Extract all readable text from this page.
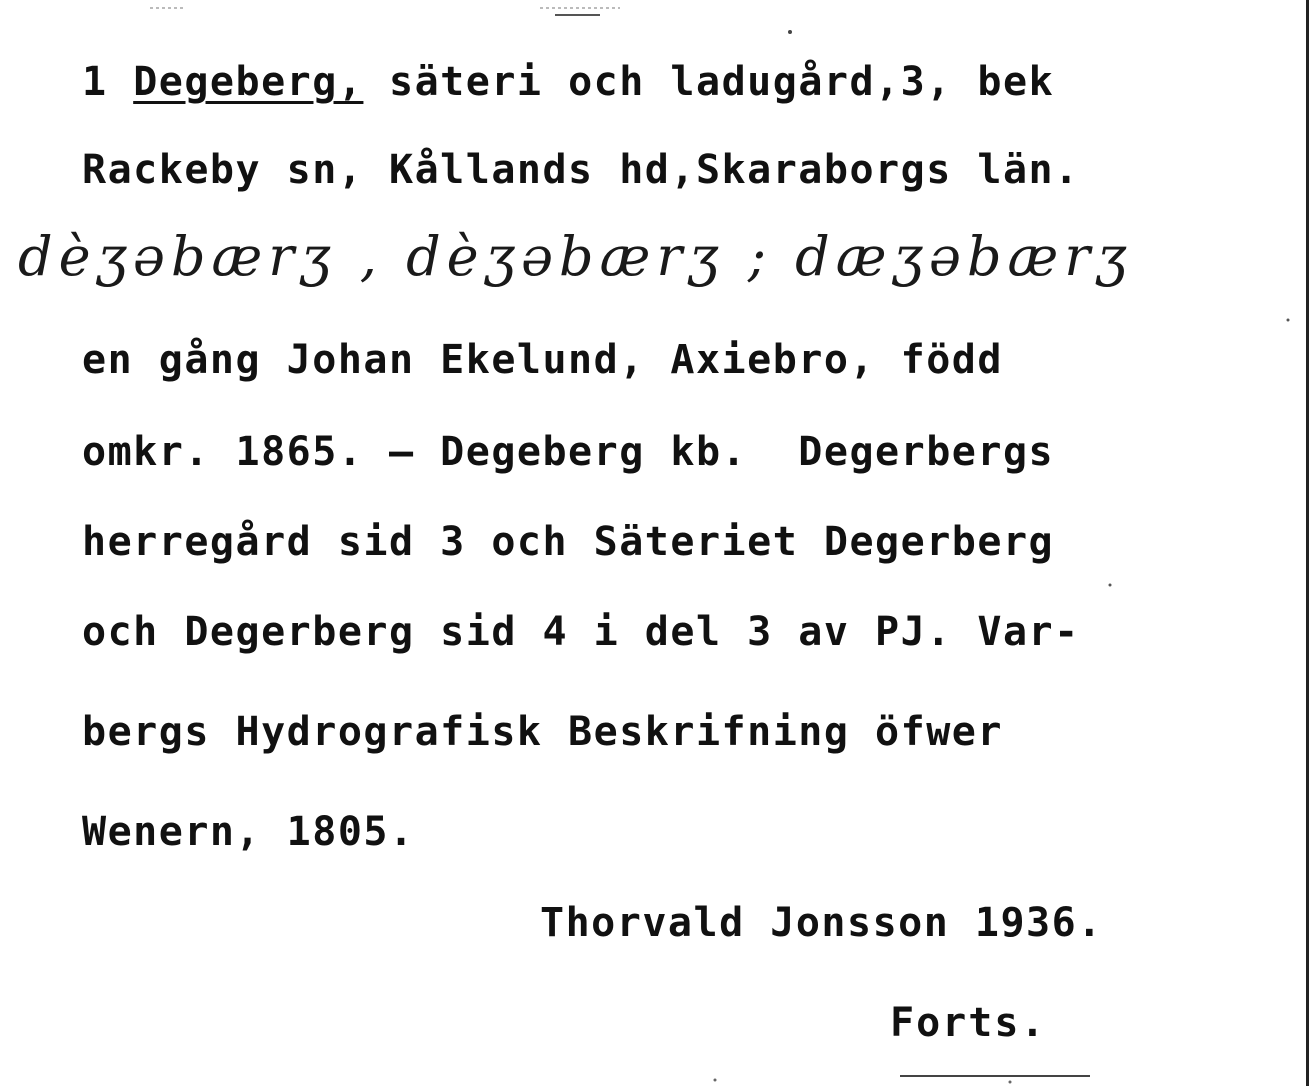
1 Degeberg, säteri och ladugård,3, bek
Rackeby sn, Kållands hd,Skaraborgs län.
dèʒəbærʒ , dèʒəbærʒ ; dæʒəbærʒ
en gång Johan Ekelund, Axiebro, född
omkr. 1865. — Degeberg kb.  Degerbergs
herregård sid 3 och Säteriet Degerberg
och Degerberg sid 4 i del 3 av PJ. Var-
bergs Hydrografisk Beskrifning öfwer
Wenern, 1805.
Thorvald Jonsson 1936.
Forts.
